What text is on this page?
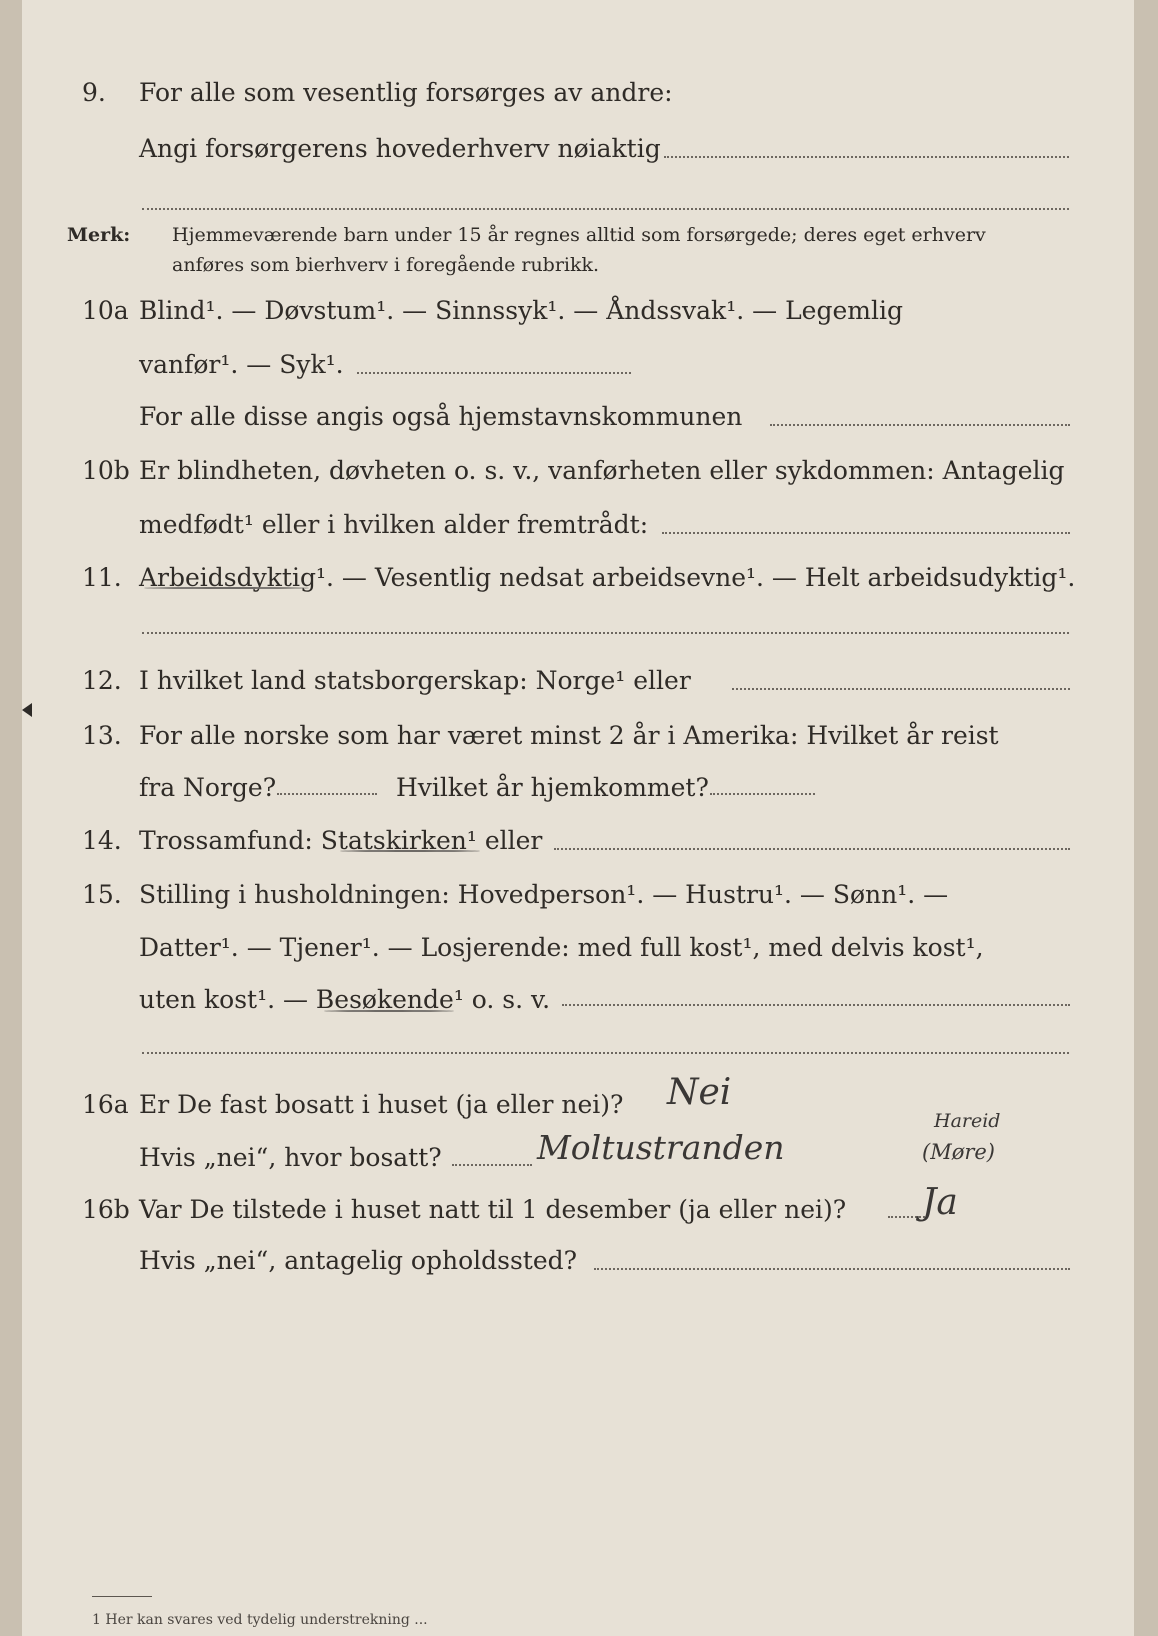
9. For alle som vesentlig forsørges av andre:
Angi forsørgerens hovederhverv nøiaktig
Merk: Hjemmeværende barn under 15 år regnes alltid som forsørgede; deres eget erhverv
anføres som bierhverv i foregående rubrikk.
10a Blind¹. — Døvstum¹. — Sinnssyk¹. — Åndssvak¹. — Legemlig
vanfør¹. — Syk¹.
For alle disse angis også hjemstavnskommunen
10b Er blindheten, døvheten o. s. v., vanførheten eller sykdommen: Antagelig
medfødt¹ eller i hvilken alder fremtrådt:
11. Arbeidsdyktig¹. — Vesentlig nedsat arbeidsevne¹. — Helt arbeidsudyktig¹.
12. I hvilket land statsborgerskap: Norge¹ eller
13. For alle norske som har været minst 2 år i Amerika: Hvilket år reist
fra Norge?	Hvilket år hjemkommet?
14. Trossamfund: Statskirken¹ eller
15. Stilling i husholdningen: Hovedperson¹. — Hustru¹. — Sønn¹. —
Datter¹. — Tjener¹. — Losjerende: med full kost¹, med delvis kost¹,
uten kost¹. — Besøkende¹ o. s. v.
16a Er De fast bosatt i huset (ja eller nei)? Nei
Hvis „nei“, hvor bosatt?	Moltustranden
Hareid
(Møre)
16b Var De tilstede i huset natt til 1 desember (ja eller nei)? Ja
Hvis „nei“, antagelig opholdssted?
1 Her kan svares ved tydelig understrekning ...
